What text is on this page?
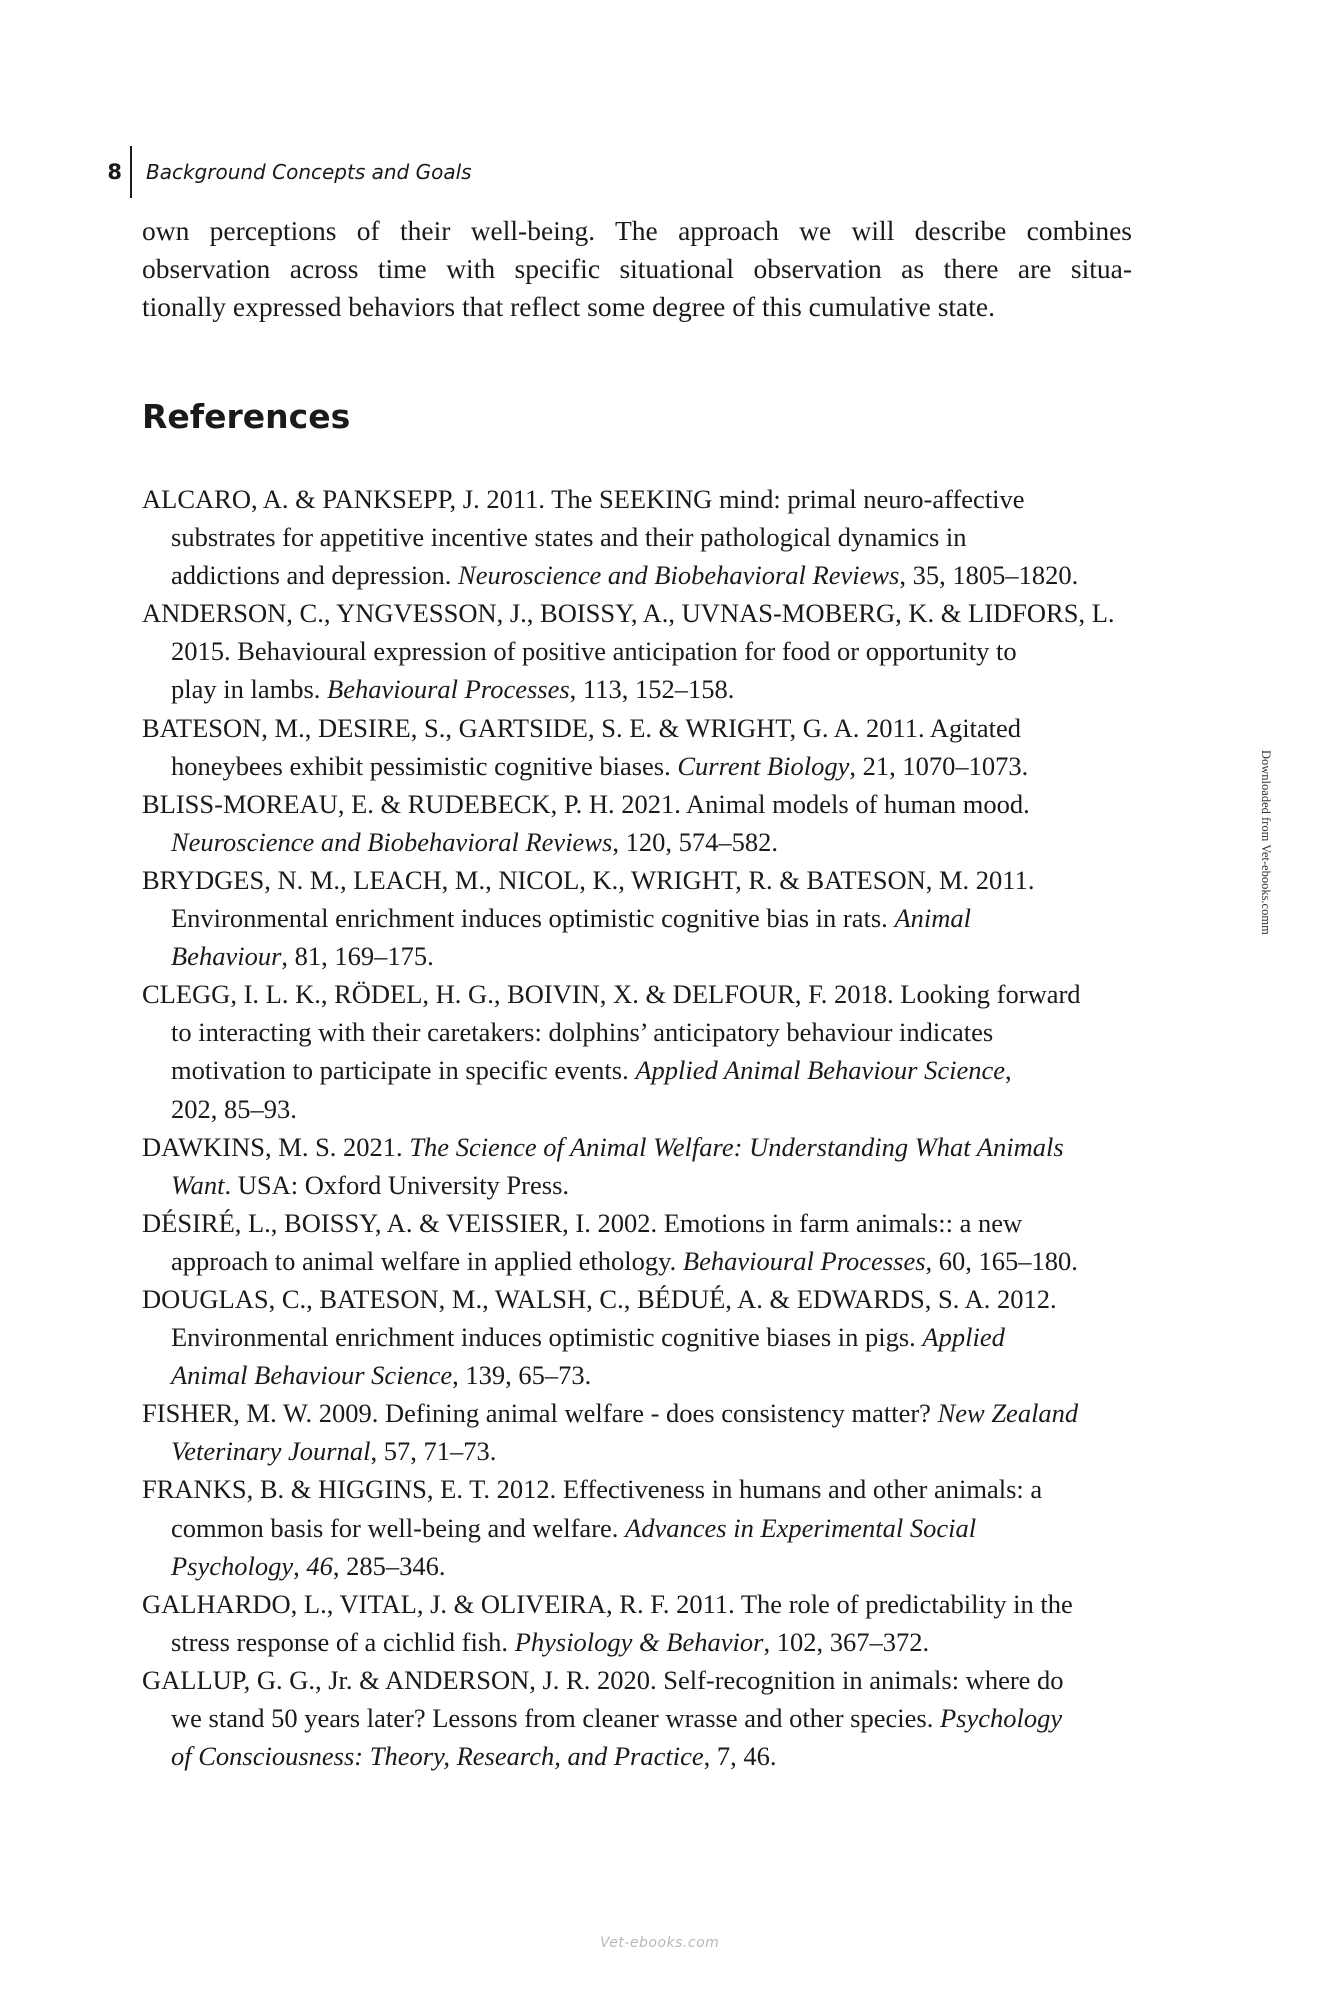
8 Background Concepts and Goals
own perceptions of their well-being. The approach we will describe combines
observation across time with specific situational observation as there are situa-
tionally expressed behaviors that reflect some degree of this cumulative state.
References
ALCARO, A. & PANKSEPP, J. 2011. The SEEKING mind: primal neuro-affective
substrates for appetitive incentive states and their pathological dynamics in
addictions and depression. Neuroscience and Biobehavioral Reviews, 35, 1805–1820.
ANDERSON, C., YNGVESSON, J., BOISSY, A., UVNAS-MOBERG, K. & LIDFORS, L.
2015. Behavioural expression of positive anticipation for food or opportunity to
play in lambs. Behavioural Processes, 113, 152–158.
BATESON, M., DESIRE, S., GARTSIDE, S. E. & WRIGHT, G. A. 2011. Agitated
honeybees exhibit pessimistic cognitive biases. Current Biology, 21, 1070–1073.
BLISS-MOREAU, E. & RUDEBECK, P. H. 2021. Animal models of human mood.
Neuroscience and Biobehavioral Reviews, 120, 574–582.
BRYDGES, N. M., LEACH, M., NICOL, K., WRIGHT, R. & BATESON, M. 2011.
Environmental enrichment induces optimistic cognitive bias in rats. Animal
Behaviour, 81, 169–175.
CLEGG, I. L. K., RÖDEL, H. G., BOIVIN, X. & DELFOUR, F. 2018. Looking forward
to interacting with their caretakers: dolphins’ anticipatory behaviour indicates
motivation to participate in specific events. Applied Animal Behaviour Science,
202, 85–93.
DAWKINS, M. S. 2021. The Science of Animal Welfare: Understanding What Animals
Want. USA: Oxford University Press.
DÉSIRÉ, L., BOISSY, A. & VEISSIER, I. 2002. Emotions in farm animals:: a new
approach to animal welfare in applied ethology. Behavioural Processes, 60, 165–180.
DOUGLAS, C., BATESON, M., WALSH, C., BÉDUÉ, A. & EDWARDS, S. A. 2012.
Environmental enrichment induces optimistic cognitive biases in pigs. Applied
Animal Behaviour Science, 139, 65–73.
FISHER, M. W. 2009. Defining animal welfare - does consistency matter? New Zealand
Veterinary Journal, 57, 71–73.
FRANKS, B. & HIGGINS, E. T. 2012. Effectiveness in humans and other animals: a
common basis for well-being and welfare. Advances in Experimental Social
Psychology, 46, 285–346.
GALHARDO, L., VITAL, J. & OLIVEIRA, R. F. 2011. The role of predictability in the
stress response of a cichlid fish. Physiology & Behavior, 102, 367–372.
GALLUP, G. G., Jr. & ANDERSON, J. R. 2020. Self-recognition in animals: where do
we stand 50 years later? Lessons from cleaner wrasse and other species. Psychology
of Consciousness: Theory, Research, and Practice, 7, 46.
Downloaded from Vet-ebooks.comm
Vet-ebooks.com
